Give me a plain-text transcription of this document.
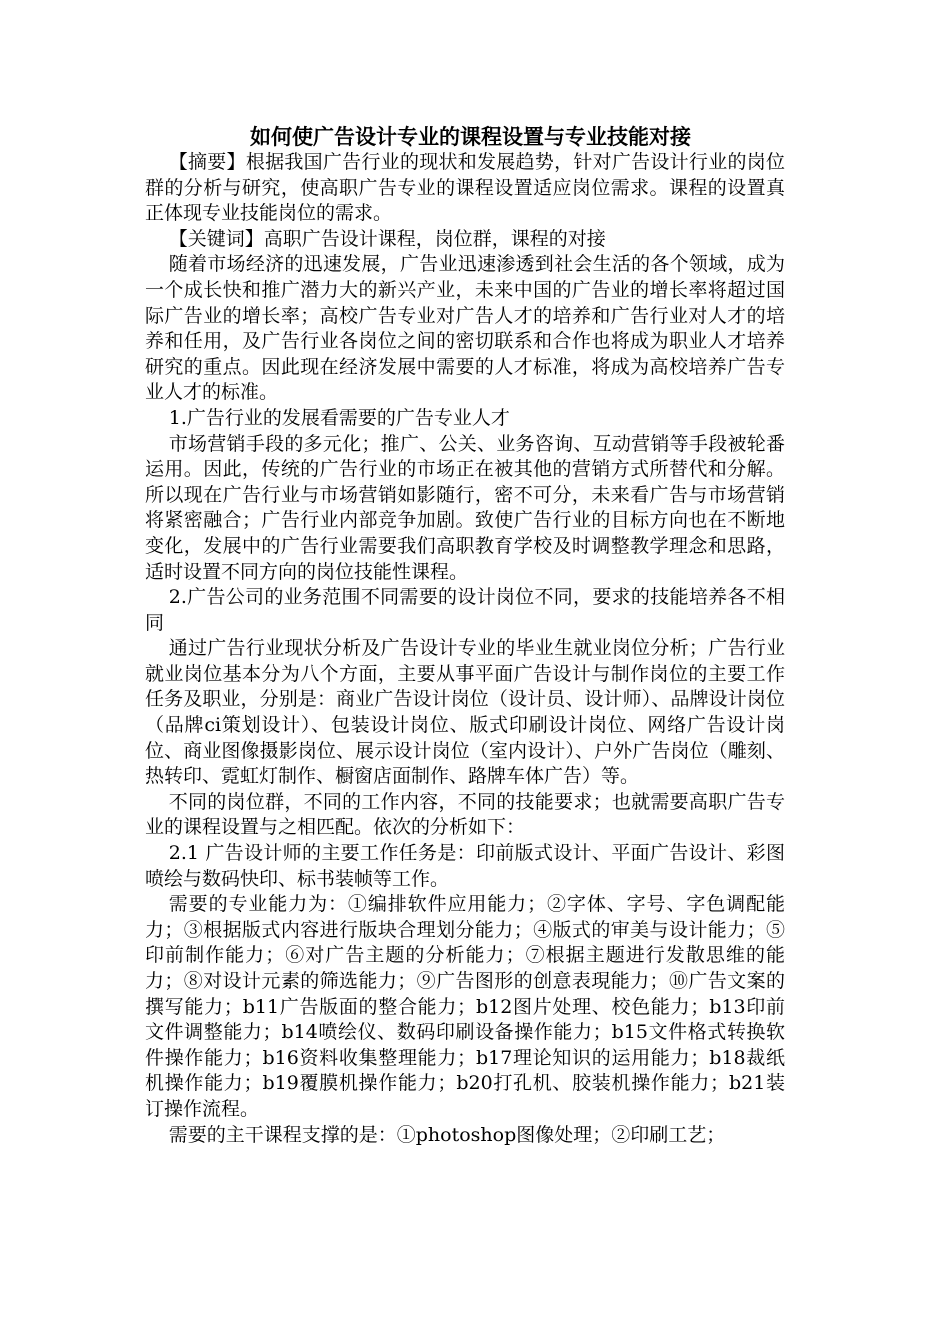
如何使广告设计专业的课程设置与专业技能对接

【摘要】根据我国广告行业的现状和发展趋势，针对广告设计行业的岗位群的分析与研究，使高职广告专业的课程设置适应岗位需求。课程的设置真正体现专业技能岗位的需求。

【关键词】高职广告设计课程，岗位群，课程的对接

随着市场经济的迅速发展，广告业迅速渗透到社会生活的各个领域，成为一个成长快和推广潜力大的新兴产业，未来中国的广告业的增长率将超过国际广告业的增长率；高校广告专业对广告人才的培养和广告行业对人才的培养和任用，及广告行业各岗位之间的密切联系和合作也将成为职业人才培养研究的重点。因此现在经济发展中需要的人才标准，将成为高校培养广告专业人才的标准。

1.广告行业的发展看需要的广告专业人才

市场营销手段的多元化；推广、公关、业务咨询、互动营销等手段被轮番运用。因此，传统的广告行业的市场正在被其他的营销方式所替代和分解。所以现在广告行业与市场营销如影随行，密不可分，未来看广告与市场营销将紧密融合；广告行业内部竞争加剧。致使广告行业的目标方向也在不断地变化，发展中的广告行业需要我们高职教育学校及时调整教学理念和思路，适时设置不同方向的岗位技能性课程。

2.广告公司的业务范围不同需要的设计岗位不同，要求的技能培养各不相同

通过广告行业现状分析及广告设计专业的毕业生就业岗位分析；广告行业就业岗位基本分为八个方面，主要从事平面广告设计与制作岗位的主要工作任务及职业，分别是：商业广告设计岗位（设计员、设计师）、品牌设计岗位（品牌ci策划设计）、包装设计岗位、版式印刷设计岗位、网络广告设计岗位、商业图像摄影岗位、展示设计岗位（室内设计）、户外广告岗位（雕刻、热转印、霓虹灯制作、橱窗店面制作、路牌车体广告）等。

不同的岗位群，不同的工作内容，不同的技能要求；也就需要高职广告专业的课程设置与之相匹配。依次的分析如下：

2.1 广告设计师的主要工作任务是：印前版式设计、平面广告设计、彩图喷绘与数码快印、标书装帧等工作。

需要的专业能力为：①编排软件应用能力；②字体、字号、字色调配能力；③根据版式内容进行版块合理划分能力；④版式的审美与设计能力；⑤印前制作能力；⑥对广告主题的分析能力；⑦根据主题进行发散思维的能力；⑧对设计元素的筛选能力；⑨广告图形的创意表現能力；⑩广告文案的撰写能力；b11广告版面的整合能力；b12图片处理、校色能力；b13印前文件调整能力；b14喷绘仪、数码印刷设备操作能力；b15文件格式转换软件操作能力；b16资料收集整理能力；b17理论知识的运用能力；b18裁纸机操作能力；b19覆膜机操作能力；b20打孔机、胶装机操作能力；b21装订操作流程。

需要的主干课程支撑的是：①photoshop图像处理；②印刷工艺；
